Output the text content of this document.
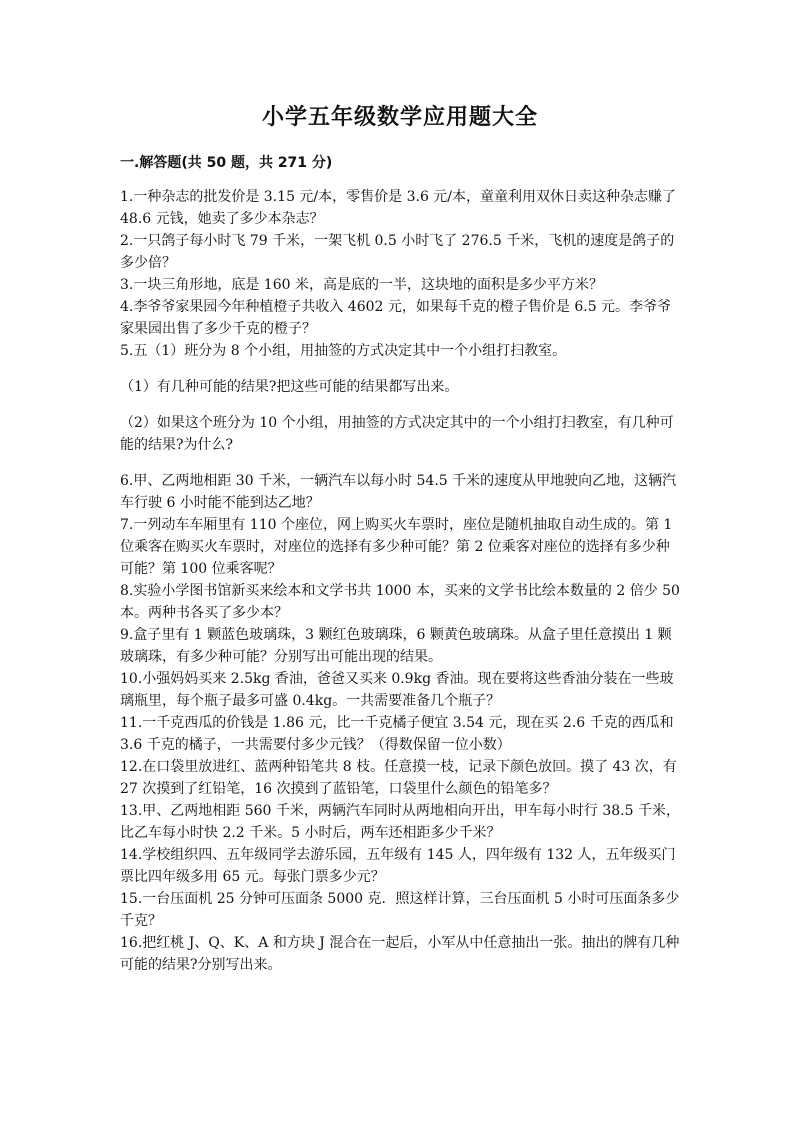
小学五年级数学应用题大全
一.解答题(共 50 题，共 271 分)

1.一种杂志的批发价是 3.15 元/本，零售价是 3.6 元/本，童童利用双休日卖这种杂志赚了 48.6 元钱，她卖了多少本杂志？

2.一只鸽子每小时飞 79 千米，一架飞机 0.5 小时飞了 276.5 千米，飞机的速度是鸽子的多少倍？

3.一块三角形地，底是 160 米，高是底的一半，这块地的面积是多少平方米？

4.李爷爷家果园今年种植橙子共收入 4602 元，如果每千克的橙子售价是 6.5 元。李爷爷家果园出售了多少千克的橙子？

5.五（1）班分为 8 个小组，用抽签的方式决定其中一个小组打扫教室。

（1）有几种可能的结果?把这些可能的结果都写出来。

（2）如果这个班分为 10 个小组，用抽签的方式决定其中的一个小组打扫教室，有几种可能的结果?为什么?

6.甲、乙两地相距 30 千米，一辆汽车以每小时 54.5 千米的速度从甲地驶向乙地，这辆汽车行驶 6 小时能不能到达乙地？

7.一列动车车厢里有 110 个座位，网上购买火车票时，座位是随机抽取自动生成的。第 1 位乘客在购买火车票时，对座位的选择有多少种可能？第 2 位乘客对座位的选择有多少种可能？第 100 位乘客呢？

8.实验小学图书馆新买来绘本和文学书共 1000 本，买来的文学书比绘本数量的 2 倍少 50 本。两种书各买了多少本？

9.盒子里有 1 颗蓝色玻璃珠，3 颗红色玻璃珠，6 颗黄色玻璃珠。从盒子里任意摸出 1 颗玻璃珠，有多少种可能？分别写出可能出现的结果。

10.小强妈妈买来 2.5kg 香油，爸爸又买来 0.9kg 香油。现在要将这些香油分装在一些玻璃瓶里，每个瓶子最多可盛 0.4kg。一共需要准备几个瓶子？

11.一千克西瓜的价钱是 1.86 元，比一千克橘子便宜 3.54 元，现在买 2.6 千克的西瓜和 3.6 千克的橘子，一共需要付多少元钱？（得数保留一位小数）

12.在口袋里放进红、蓝两种铅笔共 8 枝。任意摸一枝，记录下颜色放回。摸了 43 次，有 27 次摸到了红铅笔，16 次摸到了蓝铅笔，口袋里什么颜色的铅笔多？

13.甲、乙两地相距 560 千米，两辆汽车同时从两地相向开出，甲车每小时行 38.5 千米，比乙车每小时快 2.2 千米。5 小时后，两车还相距多少千米？

14.学校组织四、五年级同学去游乐园，五年级有 145 人，四年级有 132 人，五年级买门票比四年级多用 65 元。每张门票多少元？

15.一台压面机 25 分钟可压面条 5000 克．照这样计算，三台压面机 5 小时可压面条多少千克？

16.把红桃 J、Q、K、A 和方块 J 混合在一起后，小军从中任意抽出一张。抽出的牌有几种可能的结果?分别写出来。
